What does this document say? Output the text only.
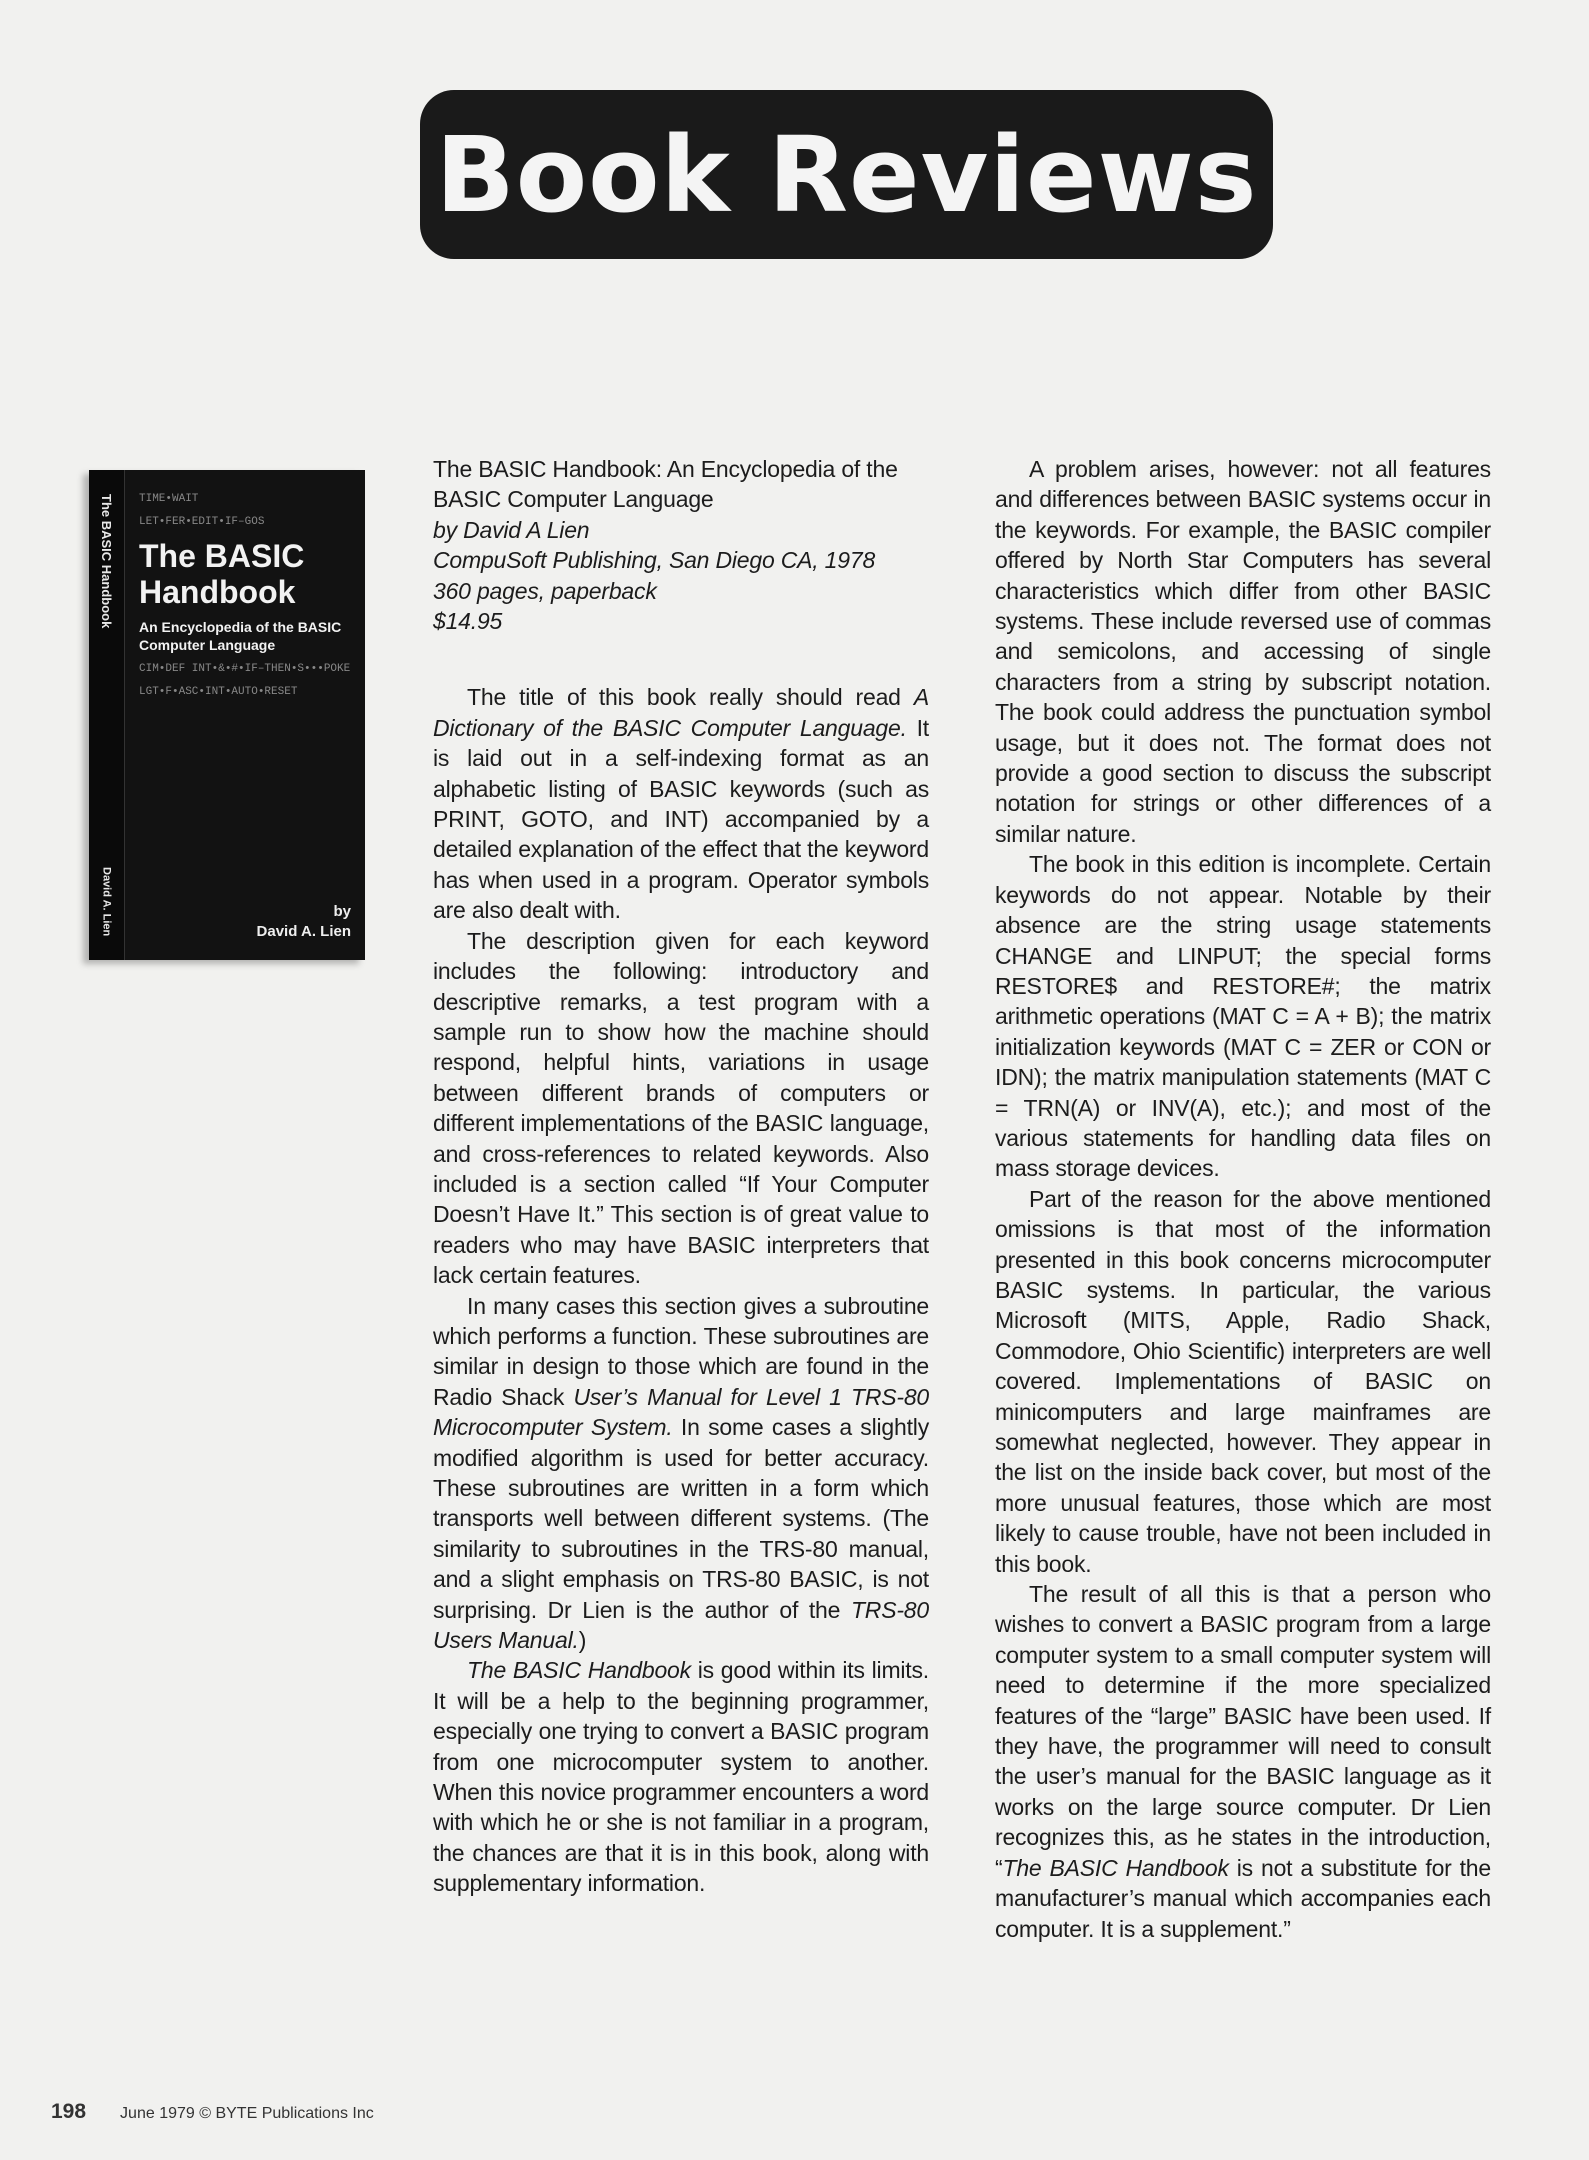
Book Reviews
The BASIC Handbook
David A. Lien
TIME•WAIT
LET•FER•EDIT•IF–GOS
The BASIC Handbook
An Encyclopedia of the BASIC Computer Language
CIM•DEF INT•&•#•IF–THEN•S•••POKE
LGT•F•ASC•INT•AUTO•RESET
by
David A. Lien

The BASIC Handbook: An Encyclopedia of the BASIC Computer Language

by David A Lien

CompuSoft Publishing, San Diego CA, 1978

360 pages, paperback

$14.95

The title of this book really should read A Dictionary of the BASIC Computer Language. It is laid out in a self-indexing format as an alphabetic listing of BASIC keywords (such as PRINT, GOTO, and INT) accompanied by a detailed explanation of the effect that the keyword has when used in a program. Operator symbols are also dealt with.

The description given for each keyword includes the following: introductory and descriptive remarks, a test program with a sample run to show how the machine should respond, helpful hints, variations in usage between different brands of computers or different implementations of the BASIC language, and cross-references to related keywords. Also included is a section called “If Your Computer Doesn’t Have It.” This section is of great value to readers who may have BASIC interpreters that lack certain features.

In many cases this section gives a subroutine which performs a function. These subroutines are similar in design to those which are found in the Radio Shack User’s Manual for Level 1 TRS-80 Microcomputer System. In some cases a slightly modified algorithm is used for better accuracy. These subroutines are written in a form which transports well between different systems. (The similarity to subroutines in the TRS-80 manual, and a slight emphasis on TRS-80 BASIC, is not surprising. Dr Lien is the author of the TRS-80 Users Manual.)

The BASIC Handbook is good within its limits. It will be a help to the beginning programmer, especially one trying to convert a BASIC program from one microcomputer system to another. When this novice programmer encounters a word with which he or she is not familiar in a program, the chances are that it is in this book, along with supplementary information.

A problem arises, however: not all features and differences between BASIC systems occur in the keywords. For example, the BASIC compiler offered by North Star Computers has several characteristics which differ from other BASIC systems. These include reversed use of commas and semicolons, and accessing of single characters from a string by subscript notation. The book could address the punctuation symbol usage, but it does not. The format does not provide a good section to discuss the subscript notation for strings or other differences of a similar nature.

The book in this edition is incomplete. Certain keywords do not appear. Notable by their absence are the string usage statements CHANGE and LINPUT; the special forms RESTORE$ and RESTORE#; the matrix arithmetic operations (MAT C = A + B); the matrix initialization keywords (MAT C = ZER or CON or IDN); the matrix manipulation statements (MAT C = TRN(A) or INV(A), etc.); and most of the various statements for handling data files on mass storage devices.

Part of the reason for the above mentioned omissions is that most of the information presented in this book concerns microcomputer BASIC systems. In particular, the various Microsoft (MITS, Apple, Radio Shack, Commodore, Ohio Scientific) interpreters are well covered. Implementations of BASIC on minicomputers and large mainframes are somewhat neglected, however. They appear in the list on the inside back cover, but most of the more unusual features, those which are most likely to cause trouble, have not been included in this book.

The result of all this is that a person who wishes to convert a BASIC program from a large computer system to a small computer system will need to determine if the more specialized features of the “large” BASIC have been used. If they have, the programmer will need to consult the user’s manual for the BASIC language as it works on the large source computer. Dr Lien recognizes this, as he states in the introduction, “The BASIC Handbook is not a substitute for the manufacturer’s manual which accompanies each computer. It is a supplement.”

198 June 1979 © BYTE Publications Inc
